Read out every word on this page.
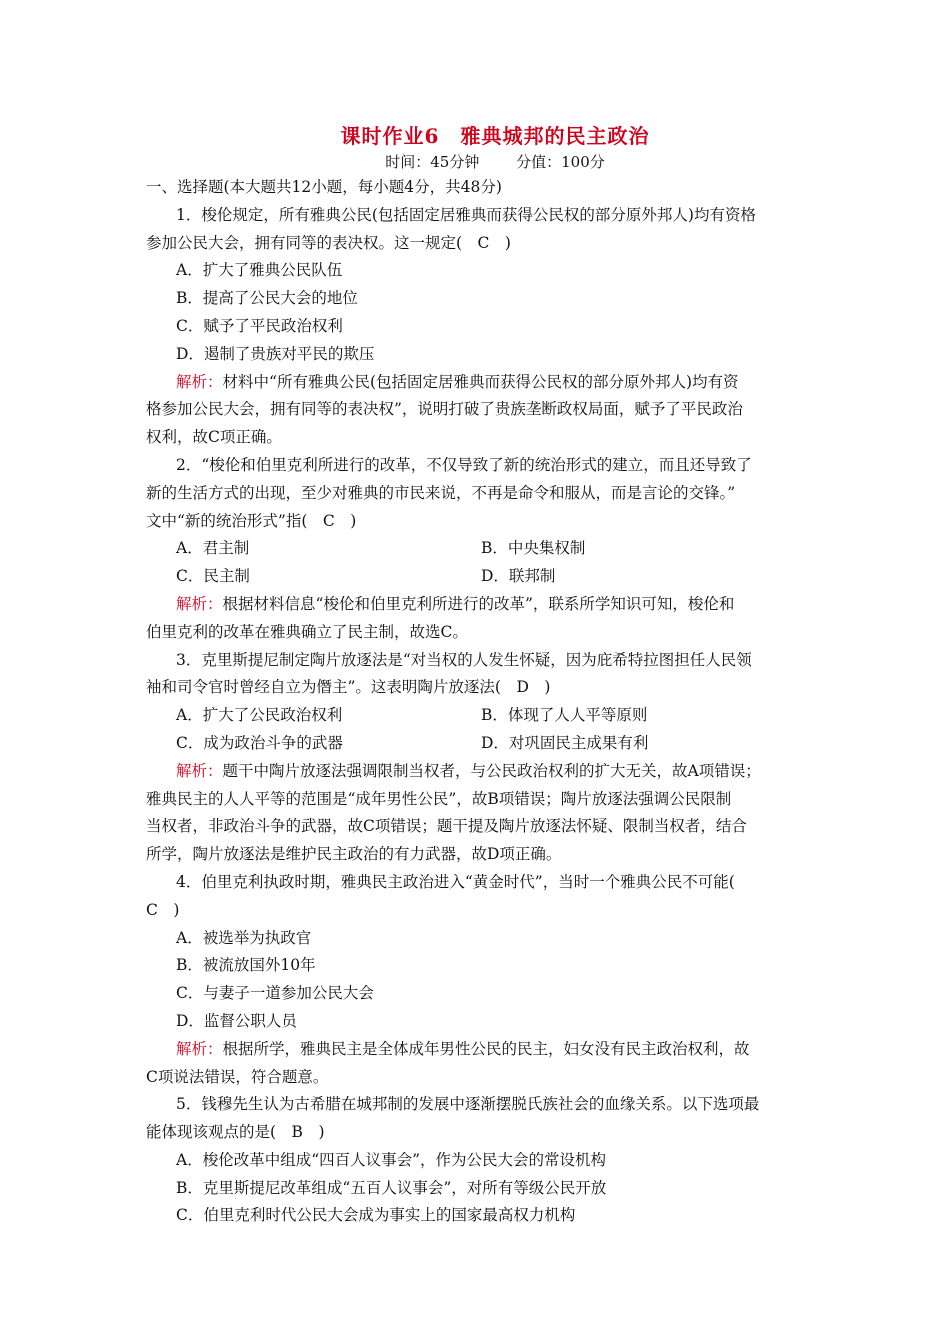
课时作业6　雅典城邦的民主政治
时间：45分钟 分值：100分
一、选择题(本大题共12小题，每小题4分，共48分)
1．梭伦规定，所有雅典公民(包括固定居雅典而获得公民权的部分原外邦人)均有资格
参加公民大会，拥有同等的表决权。这一规定(　C　)
A．扩大了雅典公民队伍
B．提高了公民大会的地位
C．赋予了平民政治权利
D．遏制了贵族对平民的欺压
解析：材料中“所有雅典公民(包括固定居雅典而获得公民权的部分原外邦人)均有资
格参加公民大会，拥有同等的表决权”，说明打破了贵族垄断政权局面，赋予了平民政治
权利，故C项正确。
2．“梭伦和伯里克利所进行的改革，不仅导致了新的统治形式的建立，而且还导致了
新的生活方式的出现，至少对雅典的市民来说，不再是命令和服从，而是言论的交锋。”
文中“新的统治形式”指(　C　)
A．君主制	B．中央集权制
C．民主制	D．联邦制
解析：根据材料信息“梭伦和伯里克利所进行的改革”，联系所学知识可知，梭伦和
伯里克利的改革在雅典确立了民主制，故选C。
3．克里斯提尼制定陶片放逐法是“对当权的人发生怀疑，因为庇希特拉图担任人民领
袖和司令官时曾经自立为僭主”。这表明陶片放逐法(　D　)
A．扩大了公民政治权利	B．体现了人人平等原则
C．成为政治斗争的武器	D．对巩固民主成果有利
解析：题干中陶片放逐法强调限制当权者，与公民政治权利的扩大无关，故A项错误；
雅典民主的人人平等的范围是“成年男性公民”，故B项错误；陶片放逐法强调公民限制
当权者，非政治斗争的武器，故C项错误；题干提及陶片放逐法怀疑、限制当权者，结合
所学，陶片放逐法是维护民主政治的有力武器，故D项正确。
4．伯里克利执政时期，雅典民主政治进入“黄金时代”，当时一个雅典公民不可能(
C　)
A．被选举为执政官
B．被流放国外10年
C．与妻子一道参加公民大会
D．监督公职人员
解析：根据所学，雅典民主是全体成年男性公民的民主，妇女没有民主政治权利，故
C项说法错误，符合题意。
5．钱穆先生认为古希腊在城邦制的发展中逐渐摆脱氏族社会的血缘关系。以下选项最
能体现该观点的是(　B　)
A．梭伦改革中组成“四百人议事会”，作为公民大会的常设机构
B．克里斯提尼改革组成“五百人议事会”，对所有等级公民开放
C．伯里克利时代公民大会成为事实上的国家最高权力机构
